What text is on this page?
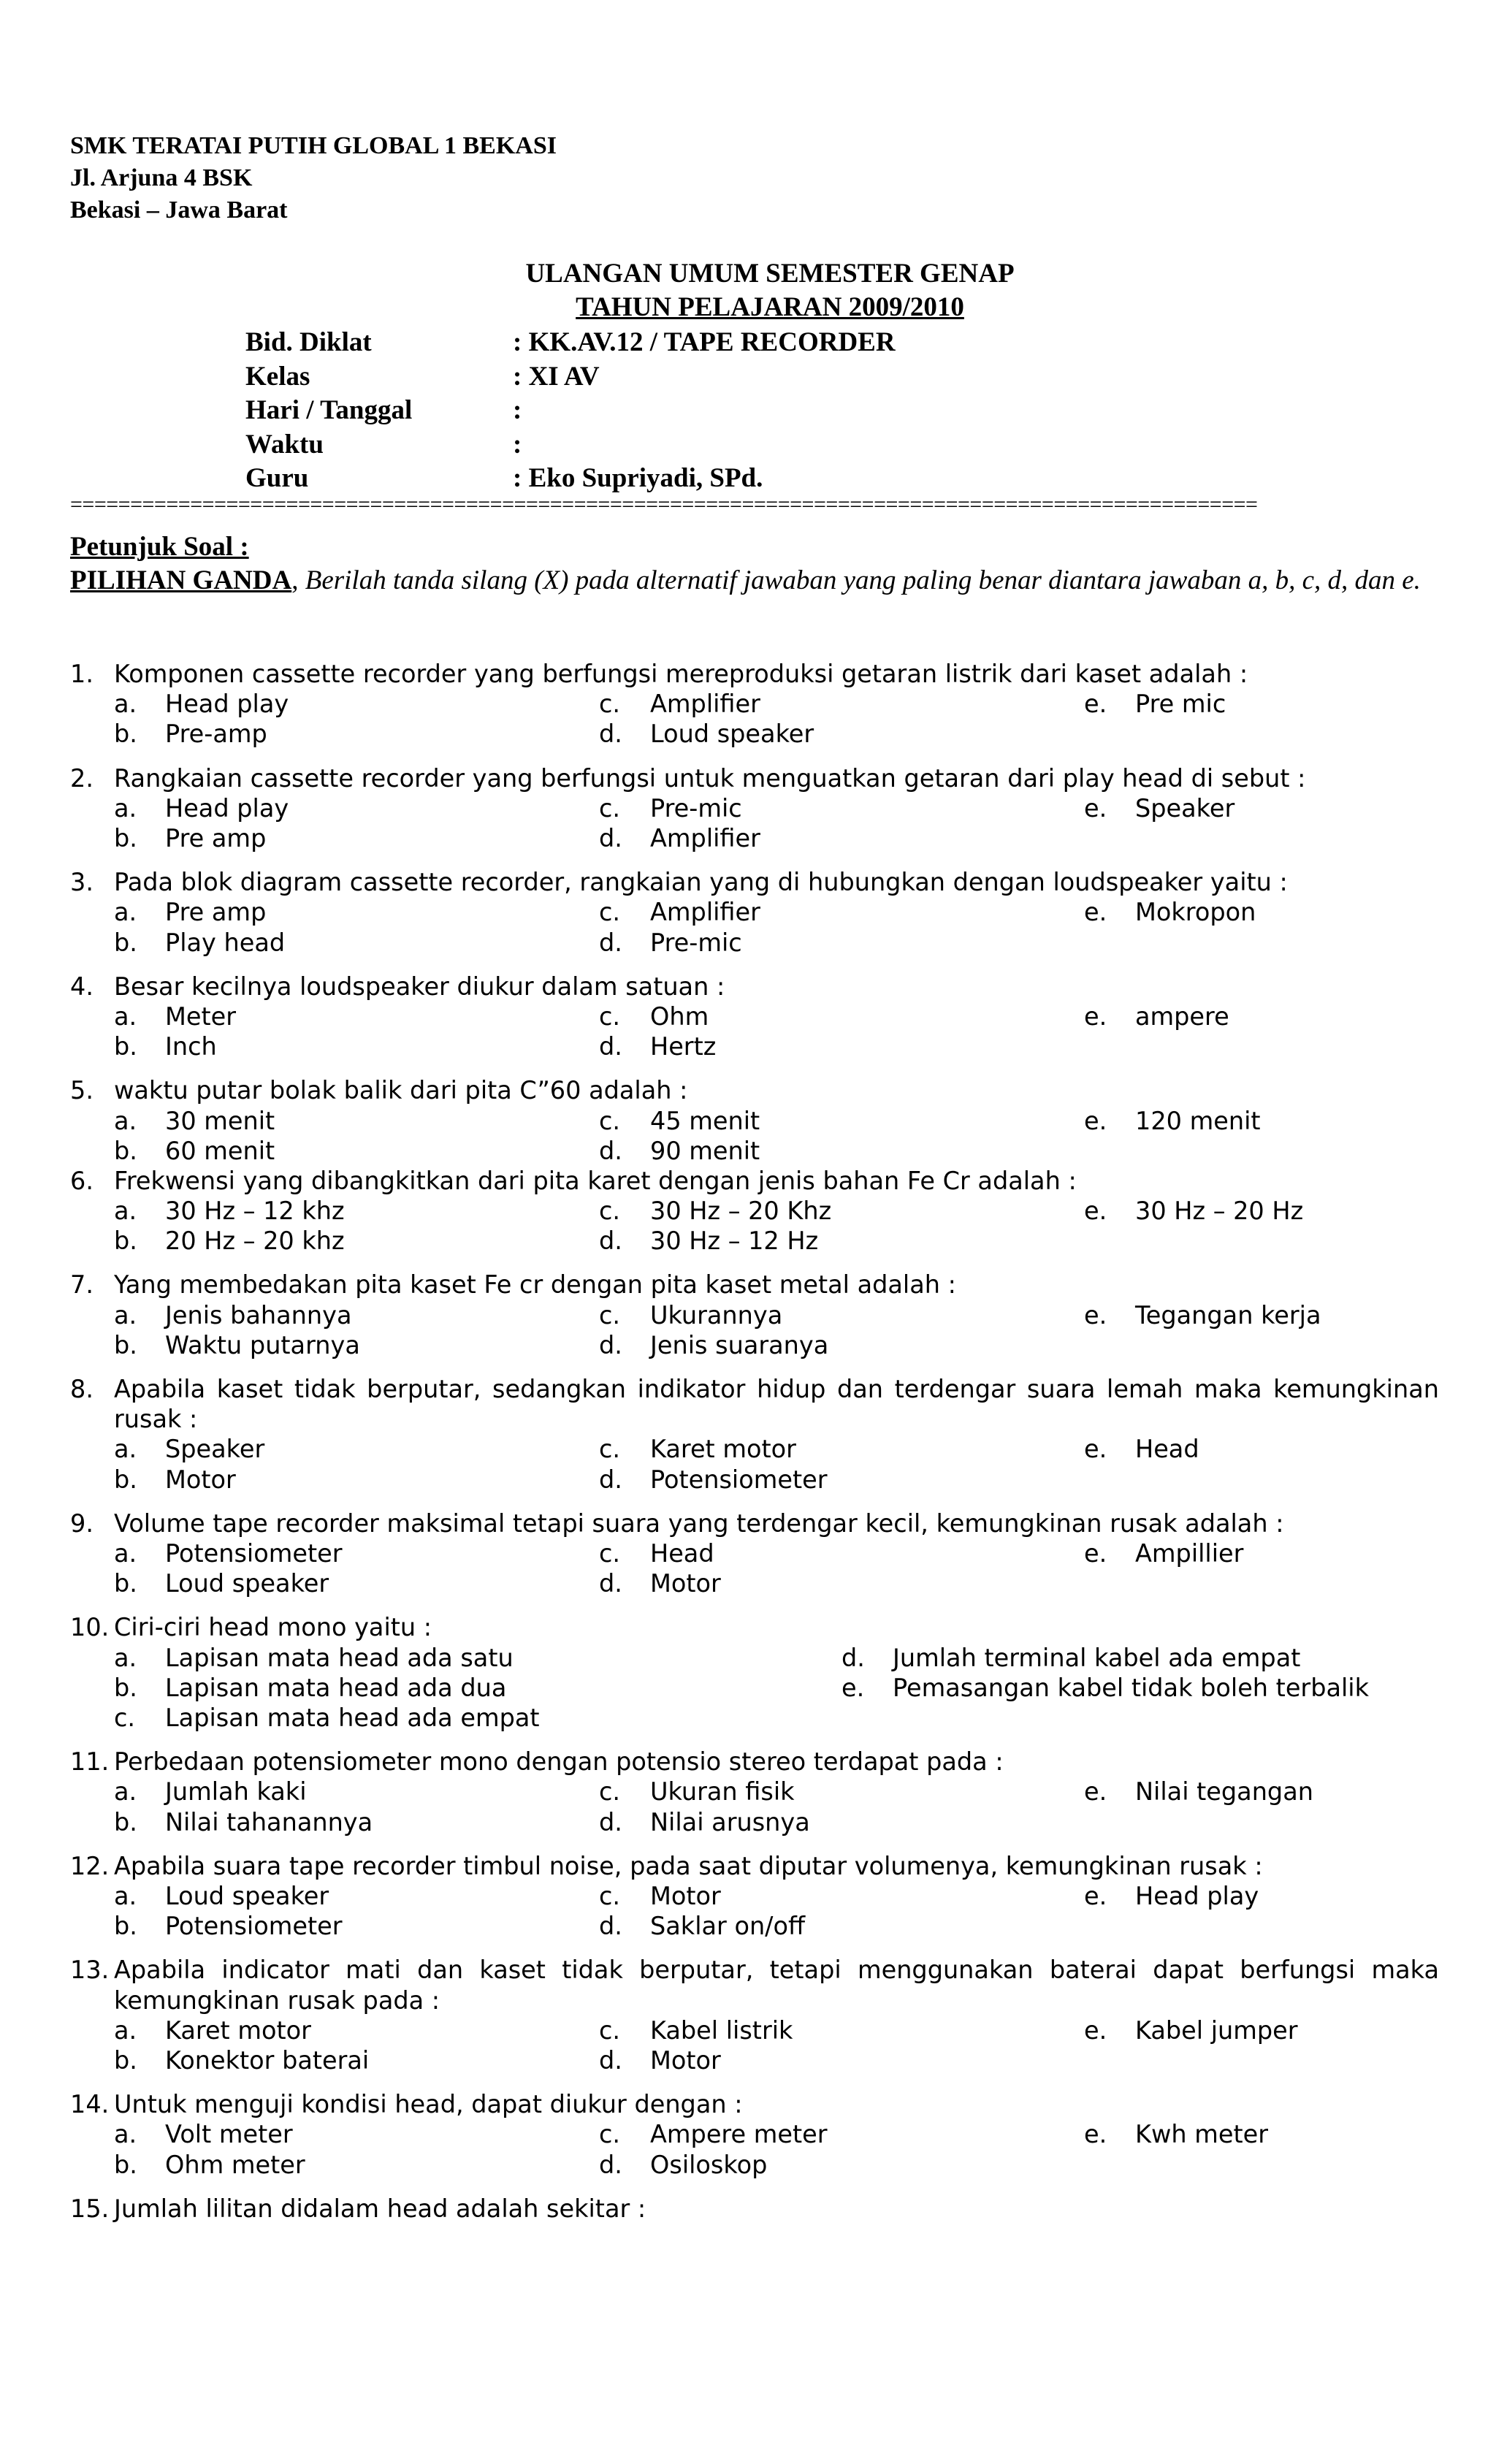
SMK TERATAI PUTIH GLOBAL 1 BEKASI
Jl. Arjuna 4 BSK
Bekasi – Jawa Barat
ULANGAN UMUM SEMESTER GENAP
TAHUN PELAJARAN 2009/2010
Bid. Diklat	: KK.AV.12 / TAPE RECORDER
Kelas	: XI AV
Hari / Tanggal	:
Waktu	:
Guru	: Eko Supriyadi, SPd.
===================================================================================================
Petunjuk Soal :
PILIHAN GANDA, Berilah tanda silang (X) pada alternatif jawaban yang paling benar diantara jawaban a, b, c, d, dan e.
1. Komponen cassette recorder yang berfungsi mereproduksi getaran listrik dari kaset adalah :
a. Head play	c. Amplifier	e. Pre mic
b. Pre-amp	d. Loud speaker
2. Rangkaian cassette recorder yang berfungsi untuk menguatkan getaran dari play head di sebut :
a. Head play	c. Pre-mic	e. Speaker
b. Pre amp	d. Amplifier
3. Pada blok diagram cassette recorder, rangkaian yang di hubungkan dengan loudspeaker yaitu :
a. Pre amp	c. Amplifier	e. Mokropon
b. Play head	d. Pre-mic
4. Besar kecilnya loudspeaker diukur dalam satuan :
a. Meter	c. Ohm	e. ampere
b. Inch	d. Hertz
5. waktu putar bolak balik dari pita C”60 adalah :
a. 30 menit	c. 45 menit	e. 120 menit
b. 60 menit	d. 90 menit
6. Frekwensi yang dibangkitkan dari pita karet dengan jenis bahan Fe Cr adalah :
a. 30 Hz – 12 khz	c. 30 Hz – 20 Khz	e. 30 Hz – 20 Hz
b. 20 Hz – 20 khz	d. 30 Hz – 12 Hz
7. Yang membedakan pita kaset Fe cr dengan pita kaset metal adalah :
a. Jenis bahannya	c. Ukurannya	e. Tegangan kerja
b. Waktu putarnya	d. Jenis suaranya
8. Apabila kaset tidak berputar, sedangkan indikator hidup dan terdengar suara lemah maka kemungkinan rusak :
a. Speaker	c. Karet motor	e. Head
b. Motor	d. Potensiometer
9. Volume tape recorder maksimal tetapi suara yang terdengar kecil, kemungkinan rusak adalah :
a. Potensiometer	c. Head	e. Ampillier
b. Loud speaker	d. Motor
10. Ciri-ciri head mono yaitu :
a. Lapisan mata head ada satu	d. Jumlah terminal kabel ada empat
b. Lapisan mata head ada dua	e. Pemasangan kabel tidak boleh terbalik
c. Lapisan mata head ada empat
11. Perbedaan potensiometer mono dengan potensio stereo terdapat pada :
a. Jumlah kaki	c. Ukuran fisik	e. Nilai tegangan
b. Nilai tahanannya	d. Nilai arusnya
12. Apabila suara tape recorder timbul noise, pada saat diputar volumenya, kemungkinan rusak :
a. Loud speaker	c. Motor	e. Head play
b. Potensiometer	d. Saklar on/off
13. Apabila indicator mati dan kaset tidak berputar, tetapi menggunakan baterai dapat berfungsi maka kemungkinan rusak pada :
a. Karet motor	c. Kabel listrik	e. Kabel jumper
b. Konektor baterai	d. Motor
14. Untuk menguji kondisi head, dapat diukur dengan :
a. Volt meter	c. Ampere meter	e. Kwh meter
b. Ohm meter	d. Osiloskop
15. Jumlah lilitan didalam head adalah sekitar :
